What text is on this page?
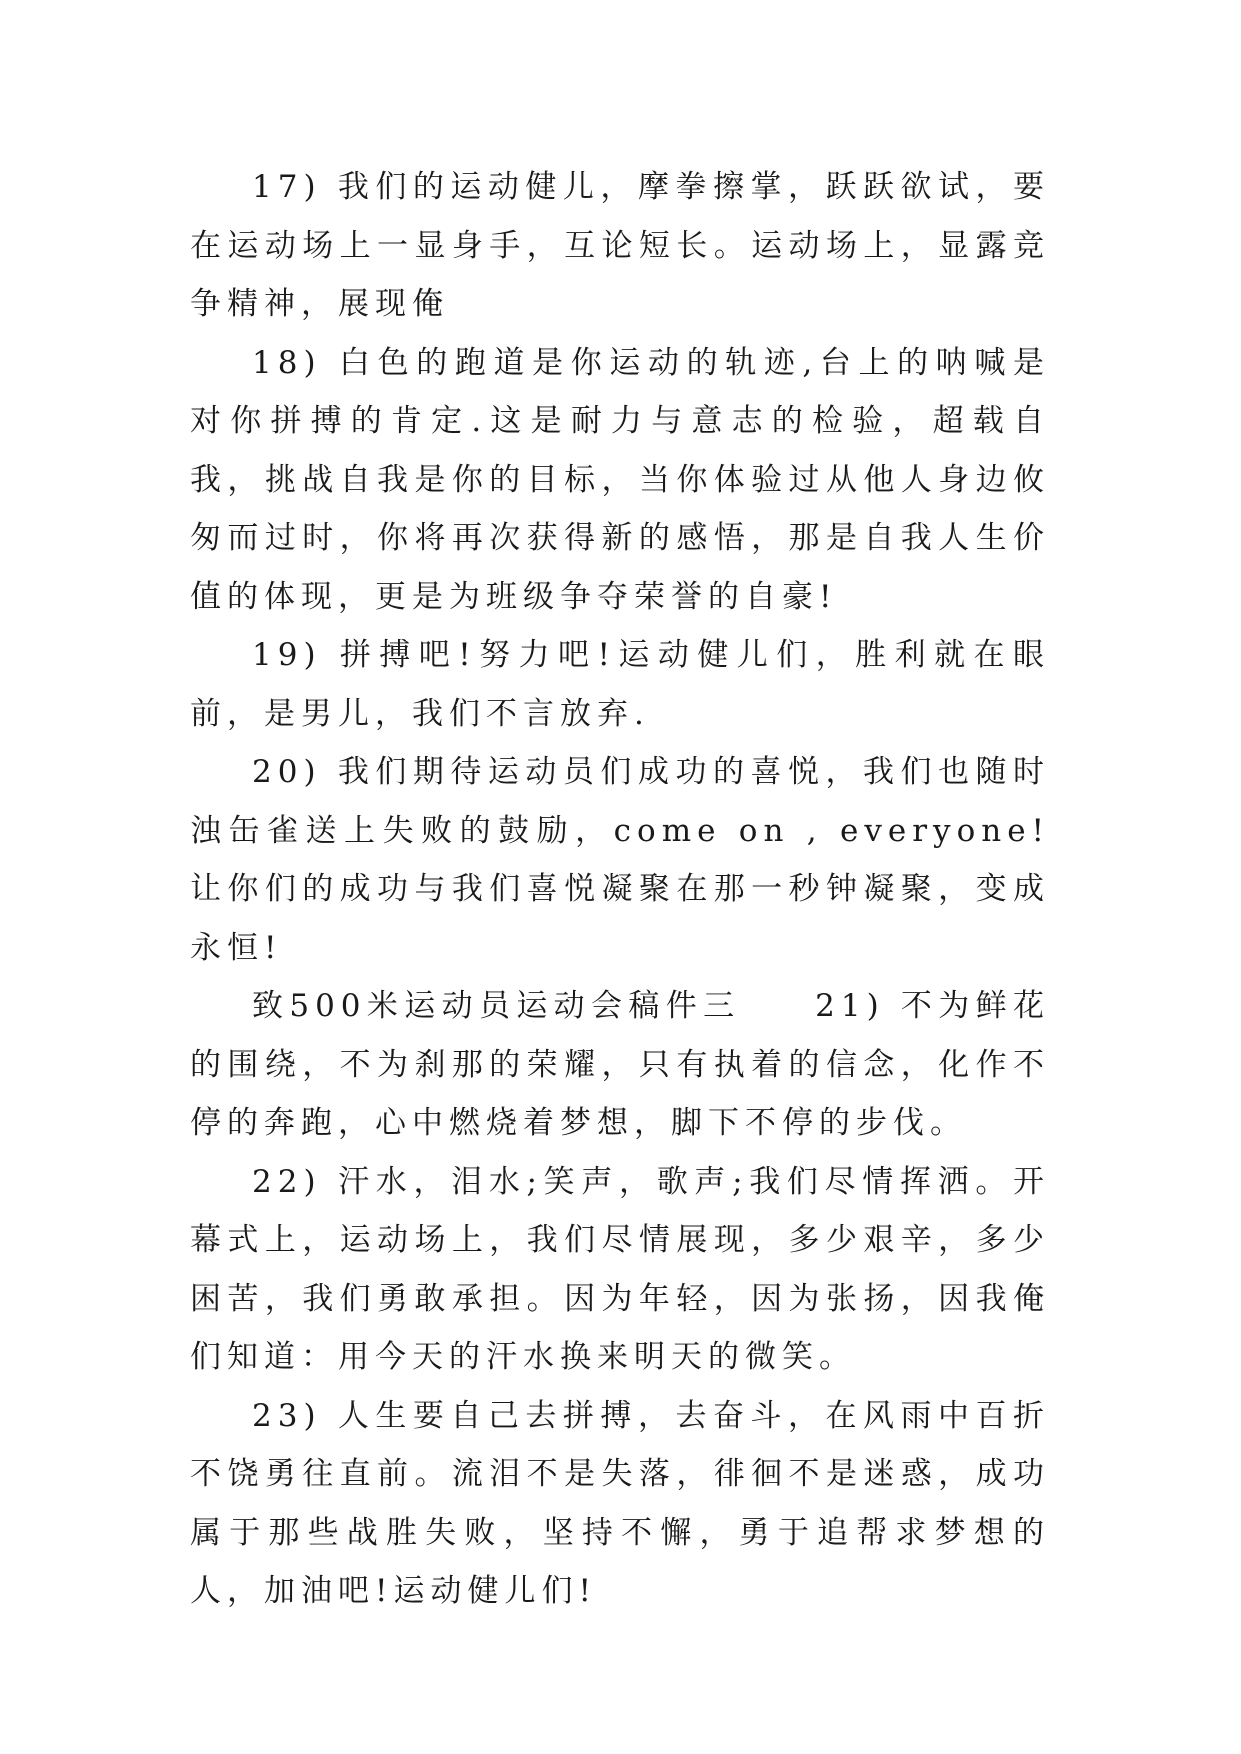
17) 我们的运动健儿，摩拳擦掌，跃跃欲试，要在运动场上一显身手，互论短长。运动场上，显露竞争精神，展现俺

18) 白色的跑道是你运动的轨迹,台上的呐喊是对你拼搏的肯定.这是耐力与意志的检验，超载自我，挑战自我是你的目标，当你体验过从他人身边攸匆而过时，你将再次获得新的感悟，那是自我人生价值的体现，更是为班级争夺荣誉的自豪!

19) 拼搏吧!努力吧!运动健儿们，胜利就在眼前，是男儿，我们不言放弃.

20) 我们期待运动员们成功的喜悦，我们也随时浊缶雀送上失败的鼓励，come on , everyone!让你们的成功与我们喜悦凝聚在那一秒钟凝聚，变成永恒!

致500米运动员运动会稿件三　　21) 不为鲜花的围绕，不为刹那的荣耀，只有执着的信念，化作不停的奔跑，心中燃烧着梦想，脚下不停的步伐。

22) 汗水，泪水;笑声，歌声;我们尽情挥洒。开幕式上，运动场上，我们尽情展现，多少艰辛，多少困苦，我们勇敢承担。因为年轻，因为张扬，因我俺们知道：用今天的汗水换来明天的微笑。

23) 人生要自己去拼搏，去奋斗，在风雨中百折不饶勇往直前。流泪不是失落，徘徊不是迷惑，成功属于那些战胜失败，坚持不懈，勇于追帮求梦想的人，加油吧!运动健儿们!
